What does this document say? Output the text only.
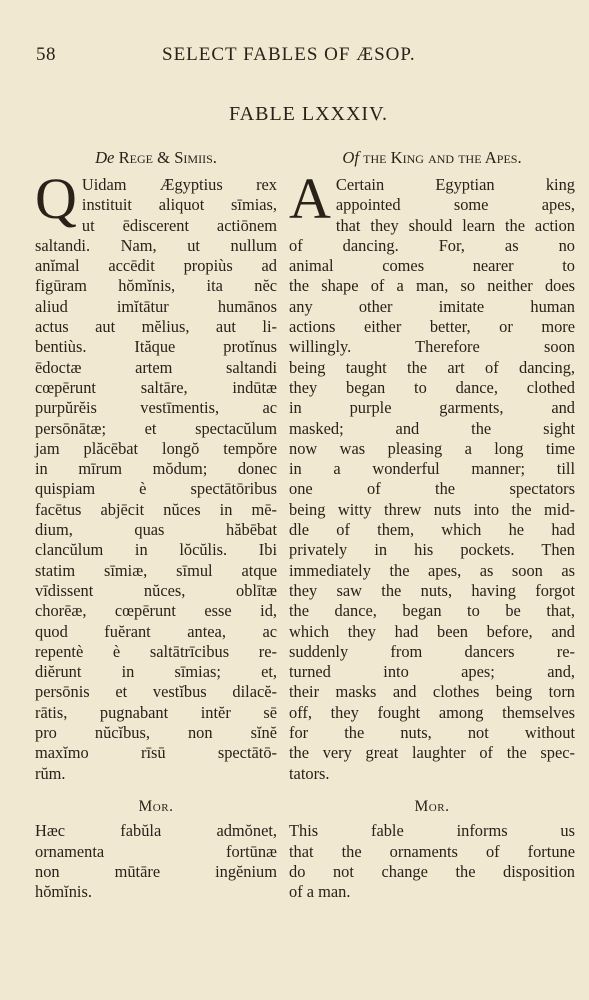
58	SELECT FABLES OF ÆSOP.
FABLE LXXXIV.
De Rege & Simiis.
Q Uidam Ægyptius rex
instituit aliquot sīmias,
ut ēdiscerent actiōnem
saltandi. Nam, ut nullum
anĭmal accēdit propiùs ad
figūram hŏmĭnis, ita nĕc
aliud imĭtātur humānos
actus aut mĕlius, aut li-
bentiùs. Ităque protĭnus
ēdoctæ artem saltandi
cœpērunt saltāre, indūtæ
purpŭrĕis vestīmentis, ac
persōnātæ; et spectacŭlum
jam plăcēbat longŏ tempŏre
in mīrum mŏdum; donec
quispiam è spectātōribus
facētus abjēcit nŭces in mē-
dium, quas hăbēbat
clancŭlum in lŏcŭlis. Ibi
statim sīmiæ, sīmul atque
vīdissent nŭces, oblītæ
chorēæ, cœpērunt esse id,
quod fuĕrant antea, ac
repentè è saltātrīcibus re-
diĕrunt in sīmias; et,
persōnis et vestĭbus dilacĕ-
rātis, pugnabant intĕr sē
pro nŭcĭbus, non sĭnĕ
maxĭmo rīsū spectātō-
rŭm.
Of the King and the Apes.
A Certain Egyptian king
appointed some apes,
that they should learn the action
of dancing. For, as no
animal comes nearer to
the shape of a man, so neither does
any other imitate human
actions either better, or more
willingly. Therefore soon
being taught the art of dancing,
they began to dance, clothed
in purple garments, and
masked; and the sight
now was pleasing a long time
in a wonderful manner; till
one of the spectators
being witty threw nuts into the mid-
dle of them, which he had
privately in his pockets. Then
immediately the apes, as soon as
they saw the nuts, having forgot
the dance, began to be that,
which they had been before, and
suddenly from dancers re-
turned into apes; and,
their masks and clothes being torn
off, they fought among themselves
for the nuts, not without
the very great laughter of the spec-
tators.
Mor.
Hæc fabŭla admŏnet,
ornamenta fortūnæ
non mūtāre ingĕnium
hŏmĭnis.
Mor.
This fable informs us
that the ornaments of fortune
do not change the disposition
of a man.
